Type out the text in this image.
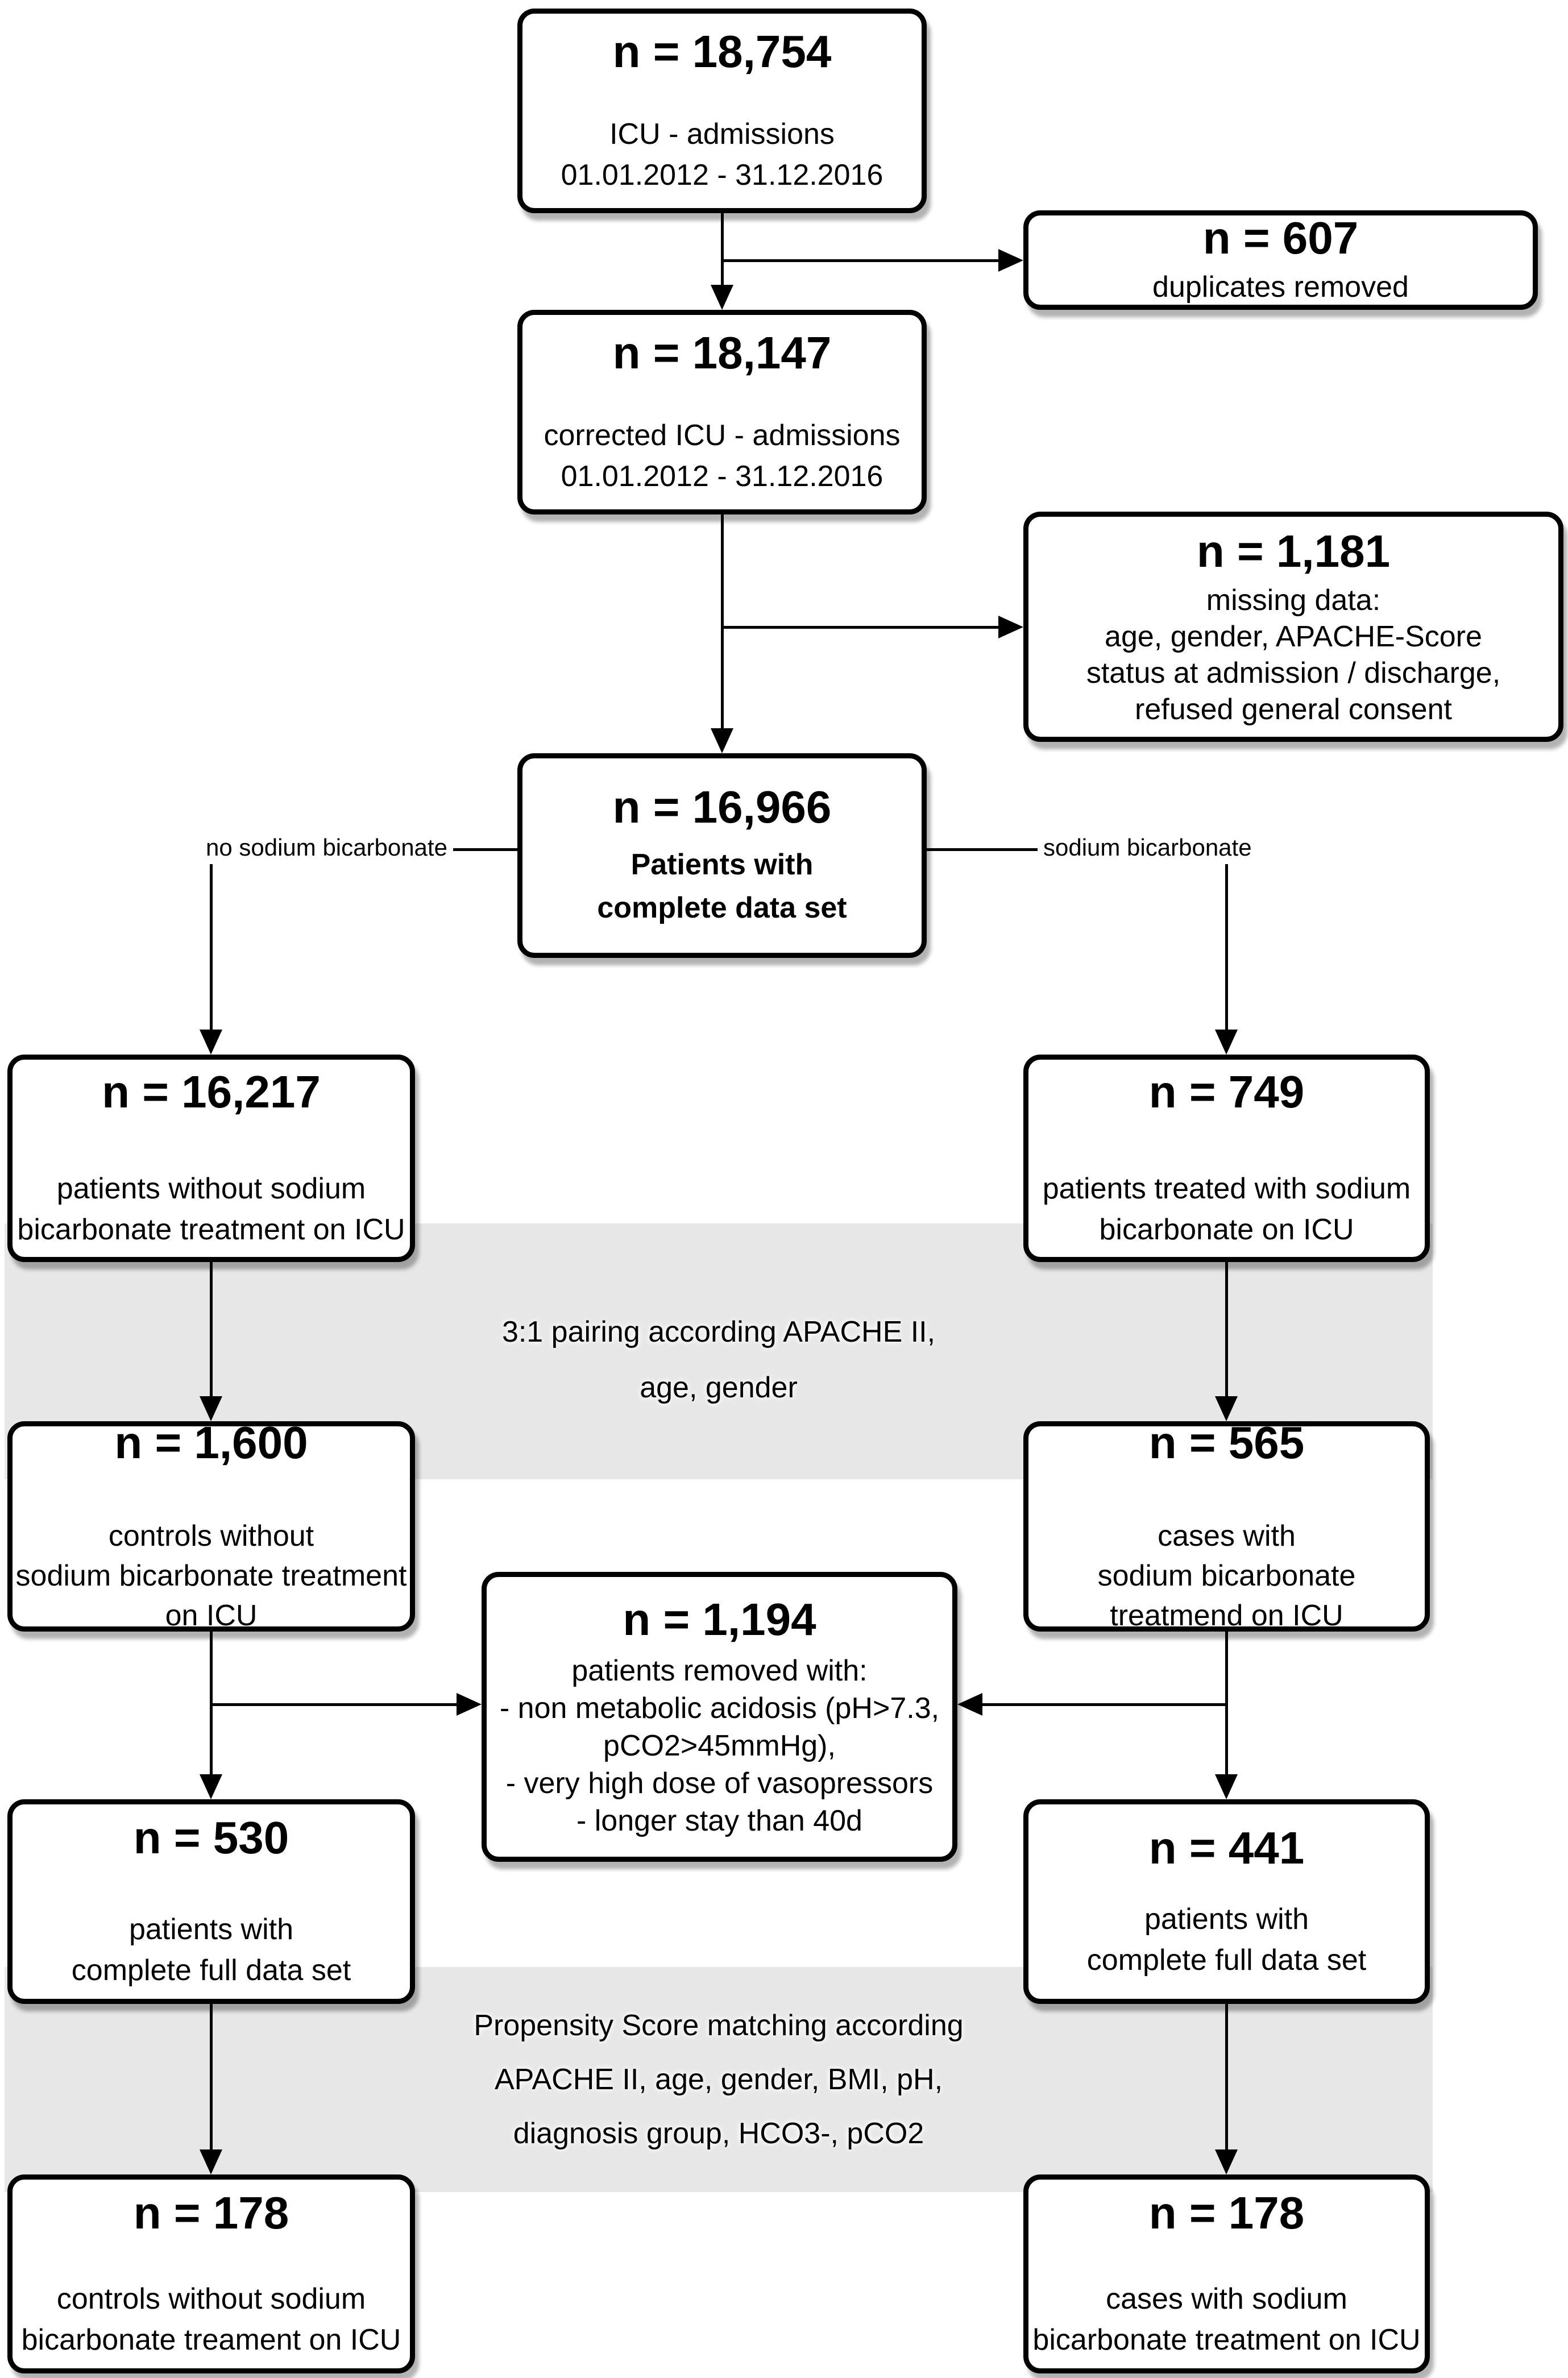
3:1 pairing according APACHE II,
age, gender
Propensity Score matching according
APACHE II, age, gender, BMI, pH,
diagnosis group, HCO3-, pCO2
no sodium bicarbonate	sodium bicarbonate
n = 18,754
ICU - admissions
01.01.2012 - 31.12.2016
n = 607
duplicates removed
n = 18,147
corrected ICU - admissions
01.01.2012 - 31.12.2016
n = 1,181
missing data:
age, gender, APACHE-Score
status at admission / discharge,
refused general consent
n = 16,966
Patients with
complete data set
n = 16,217
patients without sodium
bicarbonate treatment on ICU
n = 749
patients treated with sodium
bicarbonate on ICU
n = 1,600
controls without
sodium bicarbonate treatment
on ICU
n = 565
cases with
sodium bicarbonate
treatmend on ICU
n = 1,194
patients removed with:
- non metabolic acidosis (pH>7.3,
pCO2>45mmHg),
- very high dose of vasopressors
- longer stay than 40d
n = 530
patients with
complete full data set
n = 441
patients with
complete full data set
n = 178
controls without sodium
bicarbonate treament on ICU
n = 178
cases with sodium
bicarbonate treatment on ICU
